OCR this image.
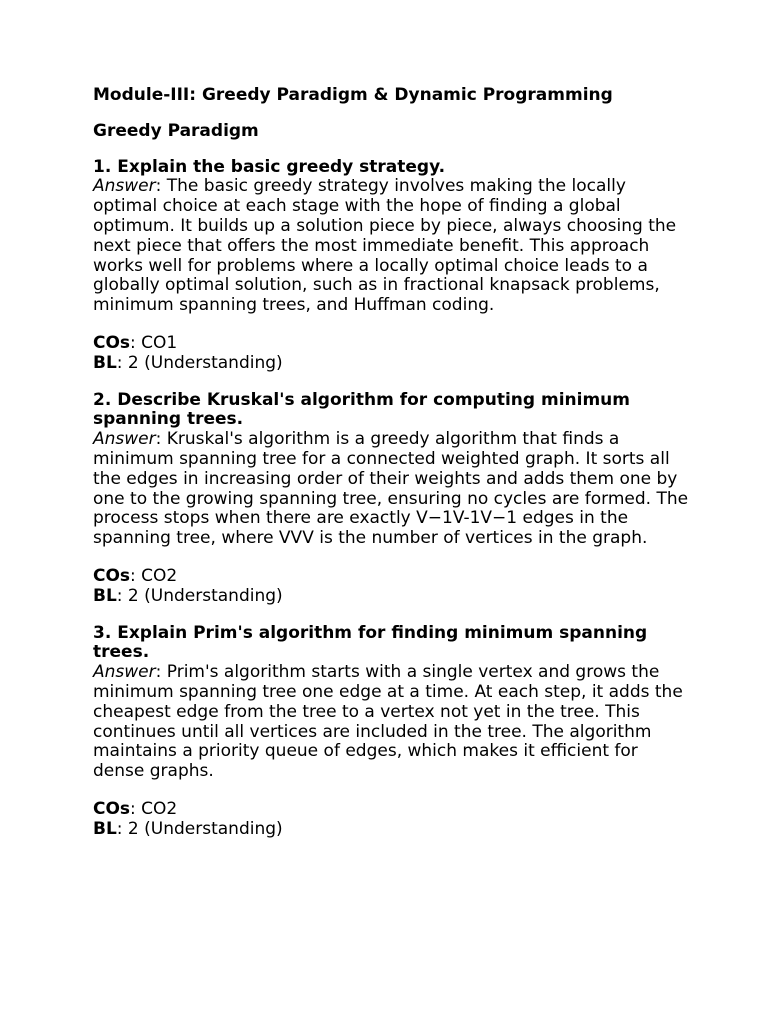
Module-III: Greedy Paradigm & Dynamic Programming

Greedy Paradigm

1. Explain the basic greedy strategy.

Answer: The basic greedy strategy involves making the locally optimal choice at each stage with the hope of finding a global optimum. It builds up a solution piece by piece, always choosing the next piece that offers the most immediate benefit. This approach works well for problems where a locally optimal choice leads to a globally optimal solution, such as in fractional knapsack problems, minimum spanning trees, and Huffman coding.

COs: CO1

BL: 2 (Understanding)

2. Describe Kruskal's algorithm for computing minimum spanning trees.

Answer: Kruskal's algorithm is a greedy algorithm that finds a minimum spanning tree for a connected weighted graph. It sorts all the edges in increasing order of their weights and adds them one by one to the growing spanning tree, ensuring no cycles are formed. The process stops when there are exactly V−1V-1V−1 edges in the spanning tree, where VVV is the number of vertices in the graph.

COs: CO2

BL: 2 (Understanding)

3. Explain Prim's algorithm for finding minimum spanning trees.

Answer: Prim's algorithm starts with a single vertex and grows the minimum spanning tree one edge at a time. At each step, it adds the cheapest edge from the tree to a vertex not yet in the tree. This continues until all vertices are included in the tree. The algorithm maintains a priority queue of edges, which makes it efficient for dense graphs.

COs: CO2

BL: 2 (Understanding)
